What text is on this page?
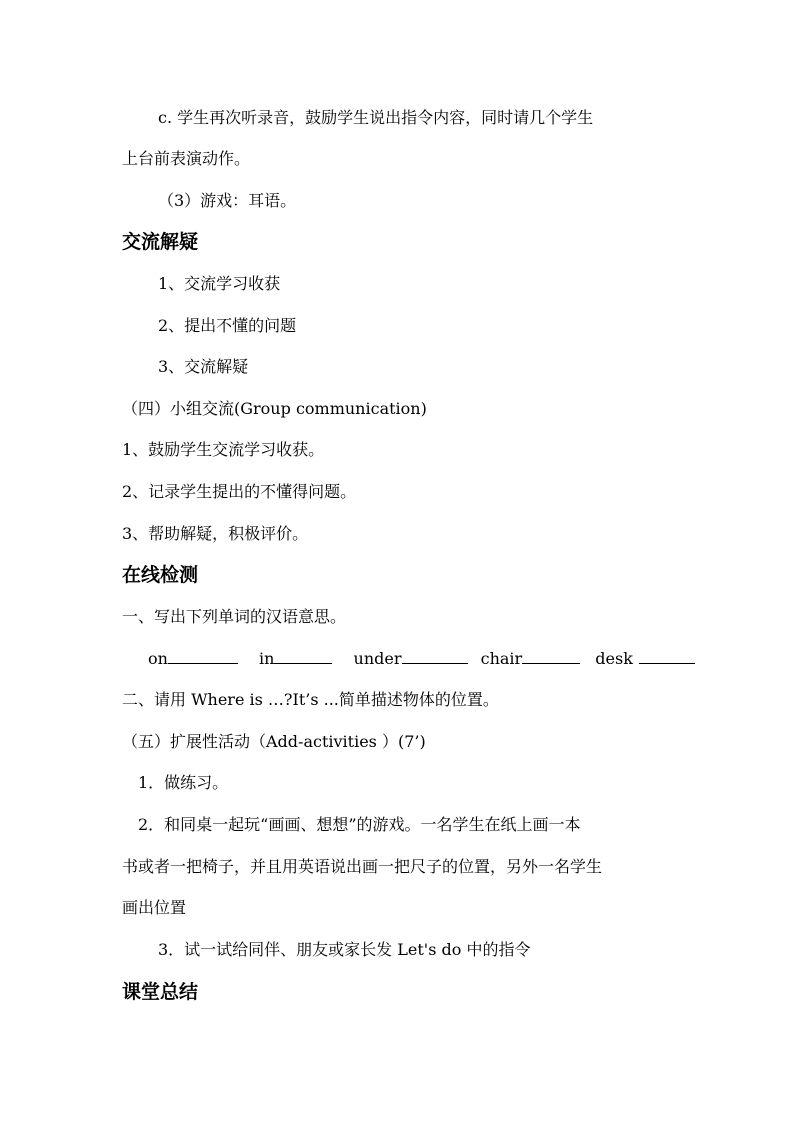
c. 学生再次听录音，鼓励学生说出指令内容，同时请几个学生
上台前表演动作。
（3）游戏：耳语。
交流解疑
1、交流学习收获
2、提出不懂的问题
3、交流解疑
（四）小组交流(Group communication)
1、鼓励学生交流学习收获。
2、记录学生提出的不懂得问题。
3、帮助解疑，积极评价。
在线检测
一、写出下列单词的汉语意思。
on	in	under	chair	desk
二、请用 Where is …?It’s ...简单描述物体的位置。
（五）扩展性活动（Add-activities ）(7’)
1．做练习。
2．和同桌一起玩“画画、想想”的游戏。一名学生在纸上画一本
书或者一把椅子，并且用英语说出画一把尺子的位置，另外一名学生
画出位置
3．试一试给同伴、朋友或家长发 Let's do 中的指令
课堂总结
